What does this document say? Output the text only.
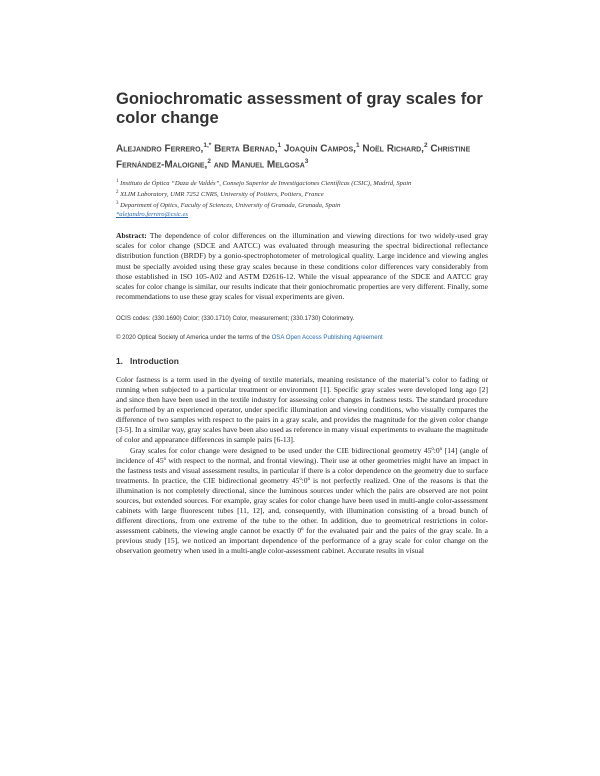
Goniochromatic assessment of gray scales for color change

Alejandro Ferrero,$^{1,*}$ Berta Bernad,$^1$ Joaquín Campos,$^1$ Noël Richard,$^2$ Christine Fernández-Maloigne,$^2$ and Manuel Melgosa$^3$

$^1$ Instituto de Óptica “Daza de Valdés”, Consejo Superior de Investigaciones Científicas (CSIC), Madrid, Spain

$^2$ XLIM Laboratory, UMR 7252 CNRS, University of Poitiers, Poitiers, France

$^3$ Department of Optics, Faculty of Sciences, University of Granada, Granada, Spain

*alejandro.ferrero@csic.es

Abstract: The dependence of color differences on the illumination and viewing directions for two widely-used gray scales for color change (SDCE and AATCC) was evaluated through measuring the spectral bidirectional reflectance distribution function (BRDF) by a gonio-spectrophotometer of metrological quality. Large incidence and viewing angles must be specially avoided using these gray scales because in these conditions color differences vary considerably from those established in ISO 105-A02 and ASTM D2616-12. While the visual appearance of the SDCE and AATCC gray scales for color change is similar, our results indicate that their goniochromatic properties are very different. Finally, some recommendations to use these gray scales for visual experiments are given.

OCIS codes: (330.1690) Color; (330.1710) Color, measurement; (330.1730) Colorimetry.

© 2020 Optical Society of America under the terms of the OSA Open Access Publishing Agreement

1. Introduction

Color fastness is a term used in the dyeing of textile materials, meaning resistance of the material’s color to fading or running when subjected to a particular treatment or environment [1]. Specific gray scales were developed long ago [2] and since then have been used in the textile industry for assessing color changes in fastness tests. The standard procedure is performed by an experienced operator, under specific illumination and viewing conditions, who visually compares the difference of two samples with respect to the pairs in a gray scale, and provides the magnitude for the given color change [3-5]. In a similar way, gray scales have been also used as reference in many visual experiments to evaluate the magnitude of color and appearance differences in sample pairs [6-13].

Gray scales for color change were designed to be used under the CIE bidirectional geometry 45º:0º [14] (angle of incidence of 45º with respect to the normal, and frontal viewing). Their use at other geometries might have an impact in the fastness tests and visual assessment results, in particular if there is a color dependence on the geometry due to surface treatments. In practice, the CIE bidirectional geometry 45º:0º is not perfectly realized. One of the reasons is that the illumination is not completely directional, since the luminous sources under which the pairs are observed are not point sources, but extended sources. For example, gray scales for color change have been used in multi-angle color-assessment cabinets with large fluorescent tubes [11, 12], and, consequently, with illumination consisting of a broad bunch of different directions, from one extreme of the tube to the other. In addition, due to geometrical restrictions in color-assessment cabinets, the viewing angle cannot be exactly 0º for the evaluated pair and the pairs of the gray scale. In a previous study [15], we noticed an important dependence of the performance of a gray scale for color change on the observation geometry when used in a multi-angle color-assessment cabinet. Accurate results in visual
